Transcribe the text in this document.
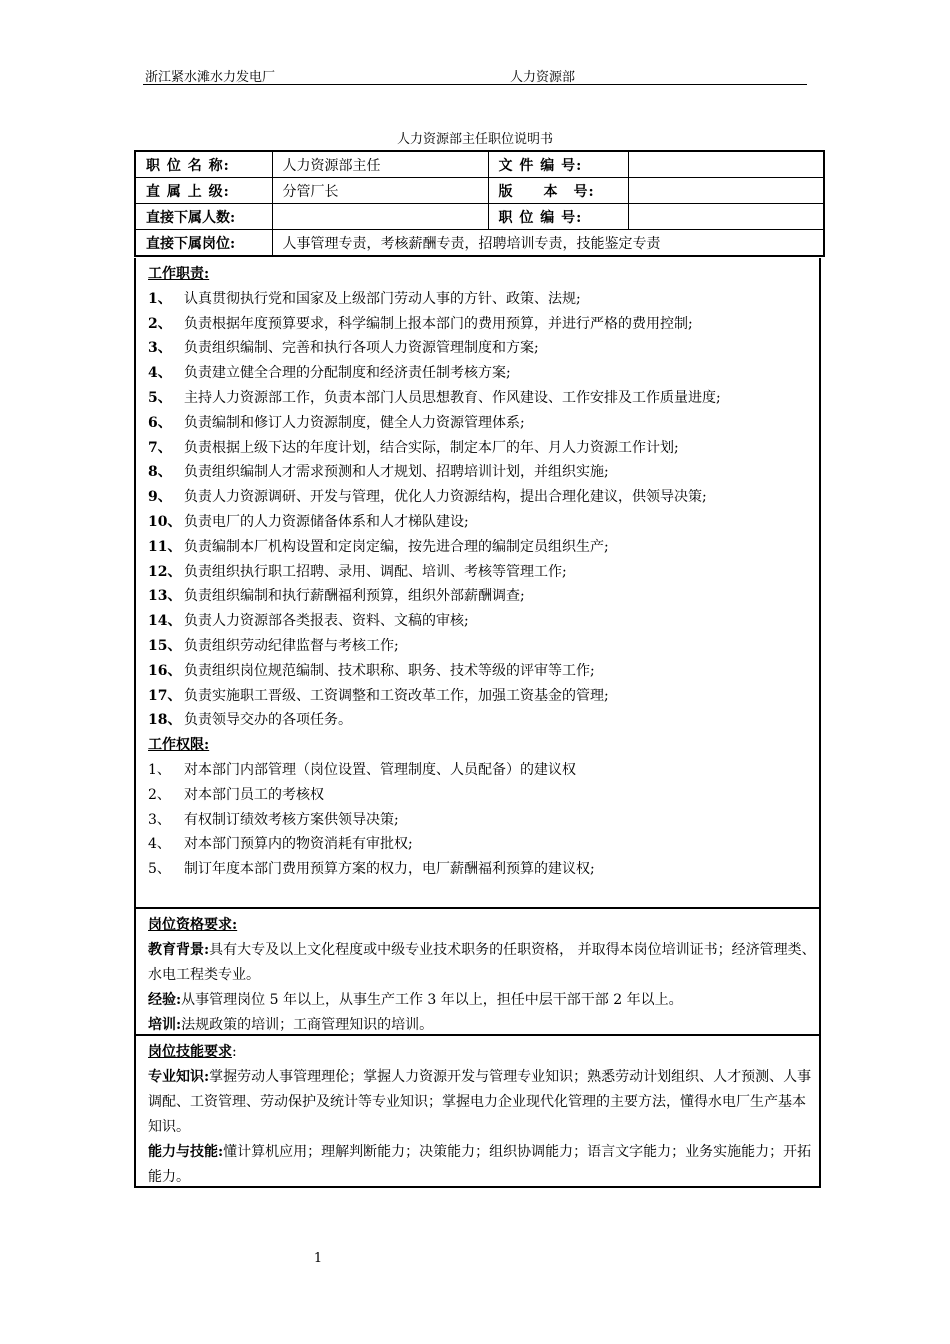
浙江紧水滩水力发电厂	人力资源部
人力资源部主任职位说明书
职 位 名 称:	人力资源部主任	文 件 编 号:	
直 属 上 级:	分管厂长	版　　本　号:	
直接下属人数:		职 位 编 号:	
直接下属岗位:	人事管理专责，考核薪酬专责，招聘培训专责，技能鉴定专责		
工作职责:
1、 认真贯彻执行党和国家及上级部门劳动人事的方针、政策、法规;
2、 负责根据年度预算要求，科学编制上报本部门的费用预算，并进行严格的费用控制;
3、 负责组织编制、完善和执行各项人力资源管理制度和方案;
4、 负责建立健全合理的分配制度和经济责任制考核方案;
5、 主持人力资源部工作，负责本部门人员思想教育、作风建设、工作安排及工作质量进度;
6、 负责编制和修订人力资源制度，健全人力资源管理体系;
7、 负责根据上级下达的年度计划，结合实际，制定本厂的年、月人力资源工作计划;
8、 负责组织编制人才需求预测和人才规划、招聘培训计划，并组织实施;
9、 负责人力资源调研、开发与管理，优化人力资源结构，提出合理化建议，供领导决策;
10、 负责电厂的人力资源储备体系和人才梯队建设;
11、 负责编制本厂机构设置和定岗定编，按先进合理的编制定员组织生产;
12、 负责组织执行职工招聘、录用、调配、培训、考核等管理工作;
13、 负责组织编制和执行薪酬福利预算，组织外部薪酬调查;
14、 负责人力资源部各类报表、资料、文稿的审核;
15、 负责组织劳动纪律监督与考核工作;
16、 负责组织岗位规范编制、技术职称、职务、技术等级的评审等工作;
17、 负责实施职工晋级、工资调整和工资改革工作，加强工资基金的管理;
18、 负责领导交办的各项任务。
工作权限:
1、 对本部门内部管理（岗位设置、管理制度、人员配备）的建议权
2、 对本部门员工的考核权
3、 有权制订绩效考核方案供领导决策;
4、 对本部门预算内的物资消耗有审批权;
5、 制订年度本部门费用预算方案的权力，电厂薪酬福利预算的建议权;
岗位资格要求:
教育背景:具有大专及以上文化程度或中级专业技术职务的任职资格， 并取得本岗位培训证书；经济管理类、水电工程类专业。
经验:从事管理岗位 5 年以上，从事生产工作 3 年以上，担任中层干部干部 2 年以上。
培训:法规政策的培训；工商管理知识的培训。
岗位技能要求:
专业知识:掌握劳动人事管理理伦；掌握人力资源开发与管理专业知识；熟悉劳动计划组织、人才预测、人事调配、工资管理、劳动保护及统计等专业知识；掌握电力企业现代化管理的主要方法，懂得水电厂生产基本知识。
能力与技能:懂计算机应用；理解判断能力；决策能力；组织协调能力；语言文字能力；业务实施能力；开拓能力。
1
